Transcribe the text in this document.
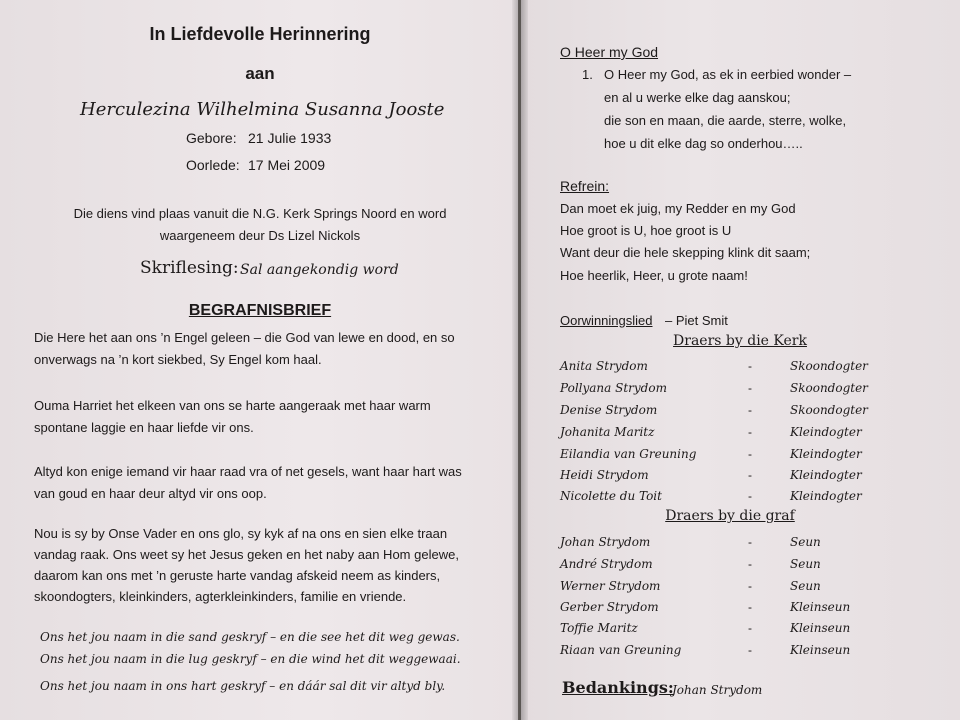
In Liefdevolle Herinnering
aan
Herculezina Wilhelmina Susanna Jooste
Gebore: 21 Julie 1933
Oorlede: 17 Mei 2009
Die diens vind plaas vanuit die N.G. Kerk Springs Noord en word
waargeneem deur Ds Lizel Nickols
Skriflesing: Sal aangekondig word
BEGRAFNISBRIEF
Die Here het aan ons ’n Engel geleen – die God van lewe en dood, en so
onverwags na ’n kort siekbed, Sy Engel kom haal.
Ouma Harriet het elkeen van ons se harte aangeraak met haar warm
spontane laggie en haar liefde vir ons.
Altyd kon enige iemand vir haar raad vra of net gesels, want haar hart was
van goud en haar deur altyd vir ons oop.
Nou is sy by Onse Vader en ons glo, sy kyk af na ons en sien elke traan
vandag raak. Ons weet sy het Jesus geken en het naby aan Hom gelewe,
daarom kan ons met ’n geruste harte vandag afskeid neem as kinders,
skoondogters, kleinkinders, agterkleinkinders, familie en vriende.
Ons het jou naam in die sand geskryf – en die see het dit weg gewas.
Ons het jou naam in die lug geskryf – en die wind het dit weggewaai.
Ons het jou naam in ons hart geskryf – en dáár sal dit vir altyd bly.
O Heer my God
1. O Heer my God, as ek in eerbied wonder –
en al u werke elke dag aanskou;
die son en maan, die aarde, sterre, wolke,
hoe u dit elke dag so onderhou…..
Refrein:
Dan moet ek juig, my Redder en my God
Hoe groot is U, hoe groot is U
Want deur die hele skepping klink dit saam;
Hoe heerlik, Heer, u grote naam!
Oorwinningslied – Piet Smit
Draers by die Kerk
Anita Strydom	-	Skoondogter
Pollyana Strydom	-	Skoondogter
Denise Strydom	-	Skoondogter
Johanita Maritz	-	Kleindogter
Eilandia van Greuning	-	Kleindogter
Heidi Strydom	-	Kleindogter
Nicolette du Toit	-	Kleindogter
Draers by die graf
Johan Strydom	-	Seun
André Strydom	-	Seun
Werner Strydom	-	Seun
Gerber Strydom	-	Kleinseun
Toffie Maritz	-	Kleinseun
Riaan van Greuning	-	Kleinseun
Bedankings:
Johan Strydom
